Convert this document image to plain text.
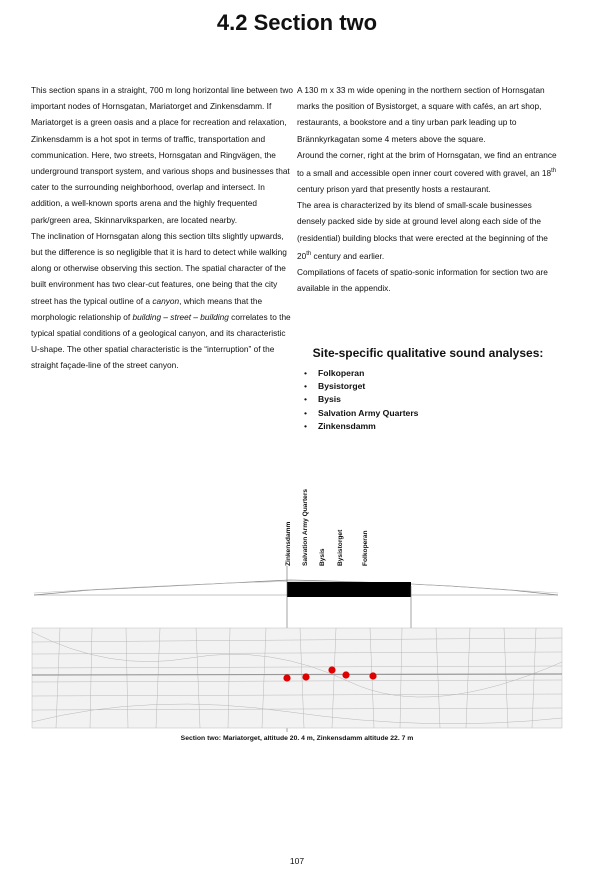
4.2 Section two

This section spans in a straight, 700 m long horizontal line between two important nodes of Hornsgatan, Mariatorget and Zinkensdamm. If Mariatorget is a green oasis and a place for recreation and relaxation, Zinkensdamm is a hot spot in terms of traffic, transportation and communication. Here, two streets, Hornsgatan and Ringvägen, the underground transport system, and various shops and businesses that cater to the surrounding neighborhood, overlap and intersect. In addition, a well-known sports arena and the highly frequented park/green area, Skinnarviksparken, are located nearby.

The inclination of Hornsgatan along this section tilts slightly upwards, but the difference is so negligible that it is hard to detect while walking along or otherwise observing this section. The spatial character of the built environment has two clear-cut features, one being that the city street has the typical outline of a canyon, which means that the morphologic relationship of building – street – building correlates to the typical spatial conditions of a geological canyon, and its characteristic U-shape. The other spatial characteristic is the “interruption” of the straight façade-line of the street canyon.

A 130 m x 33 m wide opening in the northern section of Hornsgatan marks the position of Bysistorget, a square with cafés, an art shop, restaurants, a bookstore and a tiny urban park leading up to Brännkyrkagatan some 4 meters above the square.

Around the corner, right at the brim of Hornsgatan, we find an entrance to a small and accessible open inner court covered with gravel, an 18th century prison yard that presently hosts a restaurant.

The area is characterized by its blend of small-scale businesses densely packed side by side at ground level along each side of the (residential) building blocks that were erected at the beginning of the 20th century and earlier.

Compilations of facets of spatio-sonic information for section two are available in the appendix.

Site-specific qualitative sound analyses:
• Folkoperan
• Bysistorget
• Bysis
• Salvation Army Quarters
• Zinkensdamm
Zinkensdamm Salvation Army Quarters Bysis Bysistorget	Folkoperan
Section two: Mariatorget, altitude 20. 4 m, Zinkensdamm altitude 22. 7 m
107
